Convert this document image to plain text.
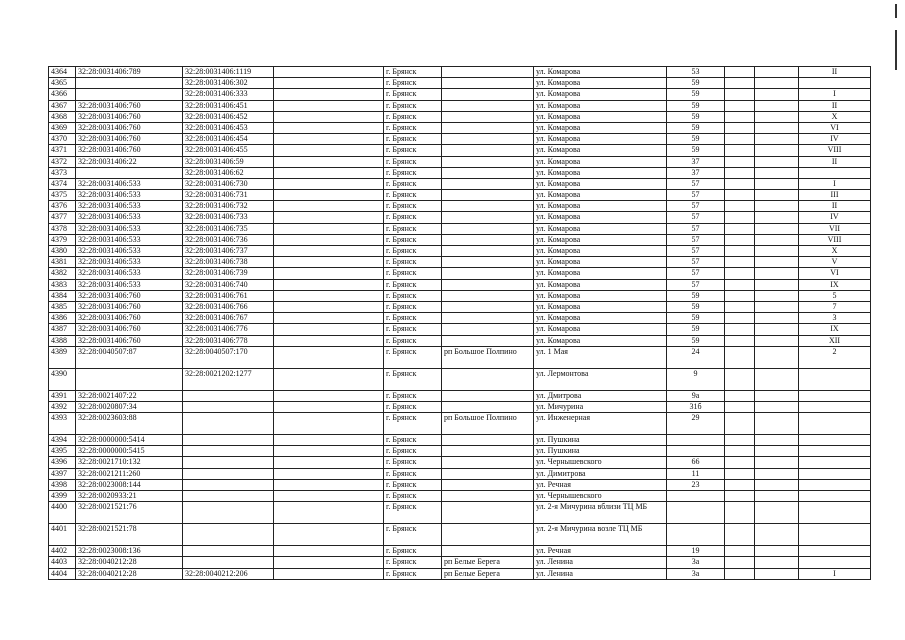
4364	32:28:0031406:789	32:28:0031406:1119		г. Брянск		ул. Комарова	53			II
4365		32:28:0031406:302		г. Брянск		ул. Комарова	59			
4366		32:28:0031406:333		г. Брянск		ул. Комарова	59			I
4367	32:28:0031406:760	32:28:0031406:451		г. Брянск		ул. Комарова	59			II
4368	32:28:0031406:760	32:28:0031406:452		г. Брянск		ул. Комарова	59			X
4369	32:28:0031406:760	32:28:0031406:453		г. Брянск		ул. Комарова	59			VI
4370	32:28:0031406:760	32:28:0031406:454		г. Брянск		ул. Комарова	59			IV
4371	32:28:0031406:760	32:28:0031406:455		г. Брянск		ул. Комарова	59			VIII
4372	32:28:0031406:22	32:28:0031406:59		г. Брянск		ул. Комарова	37			II
4373		32:28:0031406:62		г. Брянск		ул. Комарова	37			
4374	32:28:0031406:533	32:28:0031406:730		г. Брянск		ул. Комарова	57			I
4375	32:28:0031406:533	32:28:0031406:731		г. Брянск		ул. Комарова	57			III
4376	32:28:0031406:533	32:28:0031406:732		г. Брянск		ул. Комарова	57			II
4377	32:28:0031406:533	32:28:0031406:733		г. Брянск		ул. Комарова	57			IV
4378	32:28:0031406:533	32:28:0031406:735		г. Брянск		ул. Комарова	57			VII
4379	32:28:0031406:533	32:28:0031406:736		г. Брянск		ул. Комарова	57			VIII
4380	32:28:0031406:533	32:28:0031406:737		г. Брянск		ул. Комарова	57			X
4381	32:28:0031406:533	32:28:0031406:738		г. Брянск		ул. Комарова	57			V
4382	32:28:0031406:533	32:28:0031406:739		г. Брянск		ул. Комарова	57			VI
4383	32:28:0031406:533	32:28:0031406:740		г. Брянск		ул. Комарова	57			IX
4384	32:28:0031406:760	32:28:0031406:761		г. Брянск		ул. Комарова	59			5
4385	32:28:0031406:760	32:28:0031406:766		г. Брянск		ул. Комарова	59			7
4386	32:28:0031406:760	32:28:0031406:767		г. Брянск		ул. Комарова	59			3
4387	32:28:0031406:760	32:28:0031406:776		г. Брянск		ул. Комарова	59			IX
4388	32:28:0031406:760	32:28:0031406:778		г. Брянск		ул. Комарова	59			XII
4389	32:28:0040507:87	32:28:0040507:170		г. Брянск	рп Большое Полпино	ул. 1 Мая	24			2
4390		32:28:0021202:1277		г. Брянск		ул. Лермонтова	9			
4391	32:28:0021407:22			г. Брянск		ул. Дмитрова	9а			
4392	32:28:0020807:34			г. Брянск		ул. Мичурина	31б			
4393	32:28:0023603:88			г. Брянск	рп Большое Полпино	ул. Инженерная	29			
4394	32:28:0000000:5414			г. Брянск		ул. Пушкина				
4395	32:28:0000000:5415			г. Брянск		ул. Пушкина				
4396	32:28:0021710:132			г. Брянск		ул. Чернышевского	66			
4397	32:28:0021211:260			г. Брянск		ул. Димитрова	11			
4398	32:28:0023008:144			г. Брянск		ул. Речная	23			
4399	32:28:0020933:21			г. Брянск		ул. Чернышевского				
4400	32:28:0021521:76			г. Брянск		ул. 2-я Мичурина вблизи ТЦ МБ				
4401	32:28:0021521:78			г. Брянск		ул. 2-я Мичурина возле ТЦ МБ				
4402	32:28:0023008:136			г. Брянск		ул. Речная	19			
4403	32:28:0040212:28			г. Брянск	рп Белые Берега	ул. Ленина	3а			
4404	32:28:0040212:28	32:28:0040212:206		г. Брянск	рп Белые Берега	ул. Ленина	3а			I
